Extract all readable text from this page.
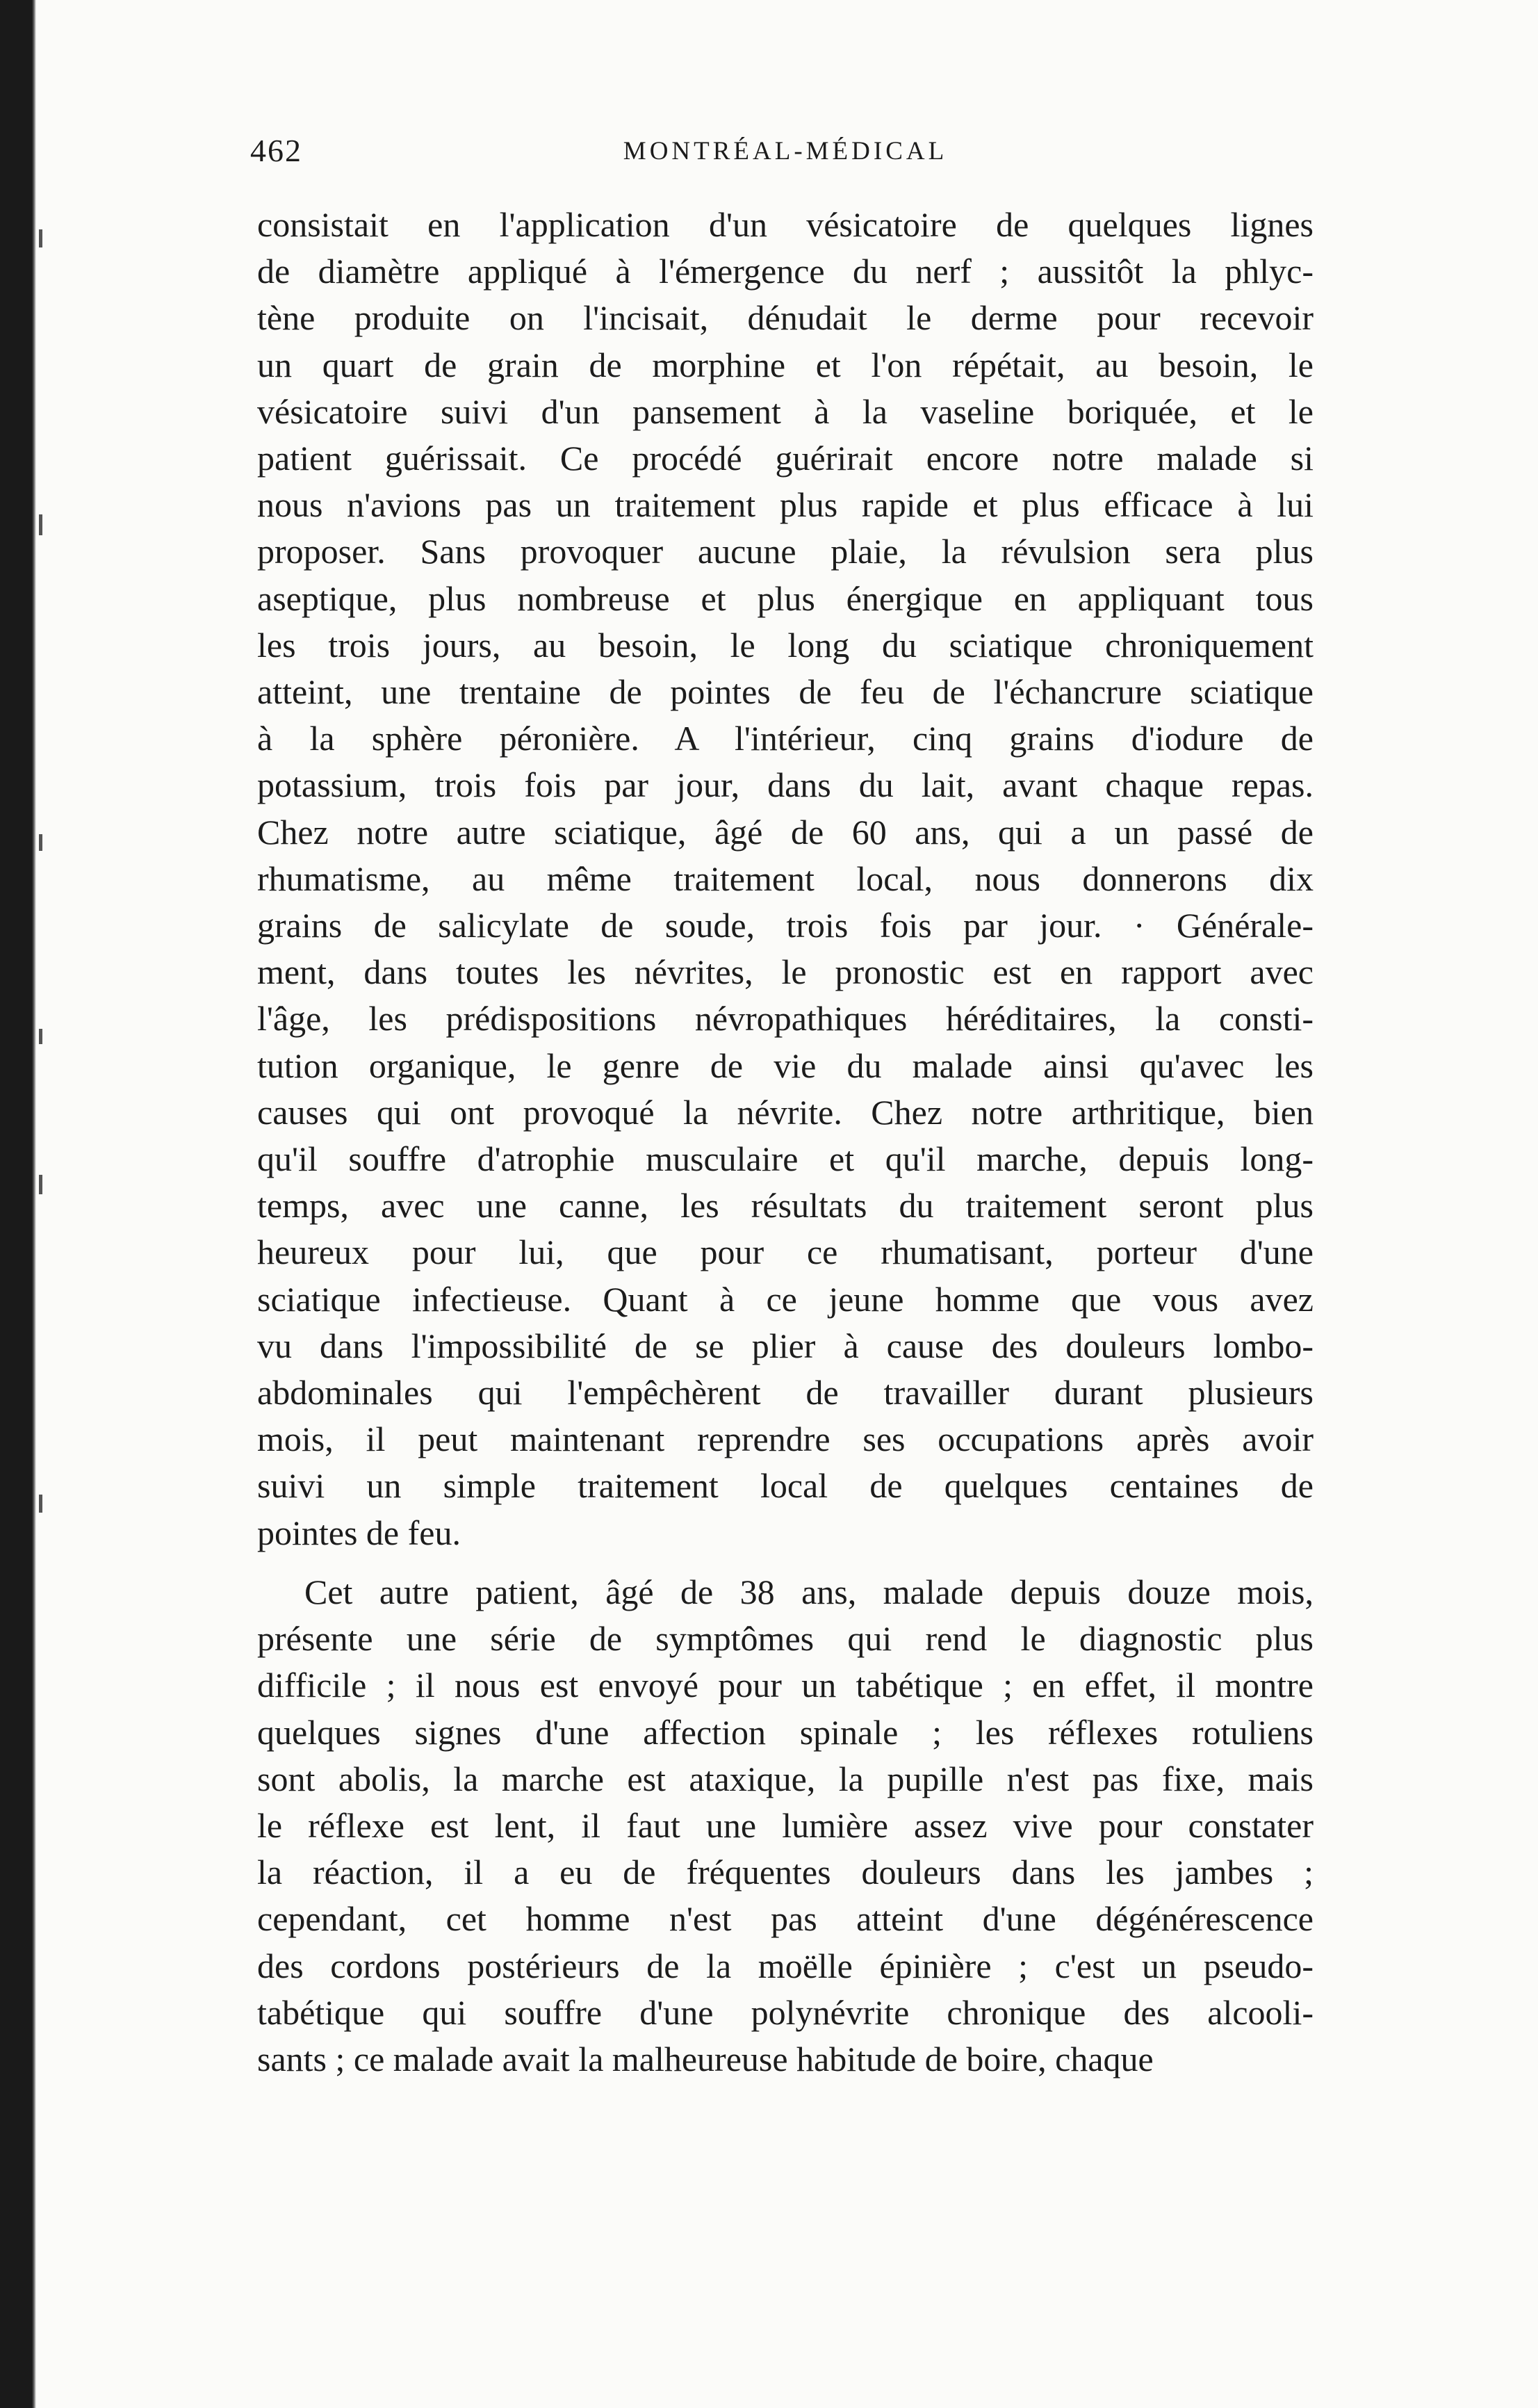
462	MONTRÉAL-MÉDICAL
consistait en l'application d'un vésicatoire de quelques lignes
de diamètre appliqué à l'émergence du nerf ; aussitôt la phlyc-
tène produite on l'incisait, dénudait le derme pour recevoir
un quart de grain de morphine et l'on répétait, au besoin, le
vésicatoire suivi d'un pansement à la vaseline boriquée, et le
patient guérissait. Ce procédé guérirait encore notre malade si
nous n'avions pas un traitement plus rapide et plus efficace à lui
proposer. Sans provoquer aucune plaie, la révulsion sera plus
aseptique, plus nombreuse et plus énergique en appliquant tous
les trois jours, au besoin, le long du sciatique chroniquement
atteint, une trentaine de pointes de feu de l'échancrure sciatique
à la sphère péronière. A l'intérieur, cinq grains d'iodure de
potassium, trois fois par jour, dans du lait, avant chaque repas.
Chez notre autre sciatique, âgé de 60 ans, qui a un passé de
rhumatisme, au même traitement local, nous donnerons dix
grains de salicylate de soude, trois fois par jour. · Générale-
ment, dans toutes les névrites, le pronostic est en rapport avec
l'âge, les prédispositions névropathiques héréditaires, la consti-
tution organique, le genre de vie du malade ainsi qu'avec les
causes qui ont provoqué la névrite. Chez notre arthritique, bien
qu'il souffre d'atrophie musculaire et qu'il marche, depuis long-
temps, avec une canne, les résultats du traitement seront plus
heureux pour lui, que pour ce rhumatisant, porteur d'une
sciatique infectieuse. Quant à ce jeune homme que vous avez
vu dans l'impossibilité de se plier à cause des douleurs lombo-
abdominales qui l'empêchèrent de travailler durant plusieurs
mois, il peut maintenant reprendre ses occupations après avoir
suivi un simple traitement local de quelques centaines de
pointes de feu.
Cet autre patient, âgé de 38 ans, malade depuis douze mois,
présente une série de symptômes qui rend le diagnostic plus
difficile ; il nous est envoyé pour un tabétique ; en effet, il montre
quelques signes d'une affection spinale ; les réflexes rotuliens
sont abolis, la marche est ataxique, la pupille n'est pas fixe, mais
le réflexe est lent, il faut une lumière assez vive pour constater
la réaction, il a eu de fréquentes douleurs dans les jambes ;
cependant, cet homme n'est pas atteint d'une dégénérescence
des cordons postérieurs de la moëlle épinière ; c'est un pseudo-
tabétique qui souffre d'une polynévrite chronique des alcooli-
sants ; ce malade avait la malheureuse habitude de boire, chaque
